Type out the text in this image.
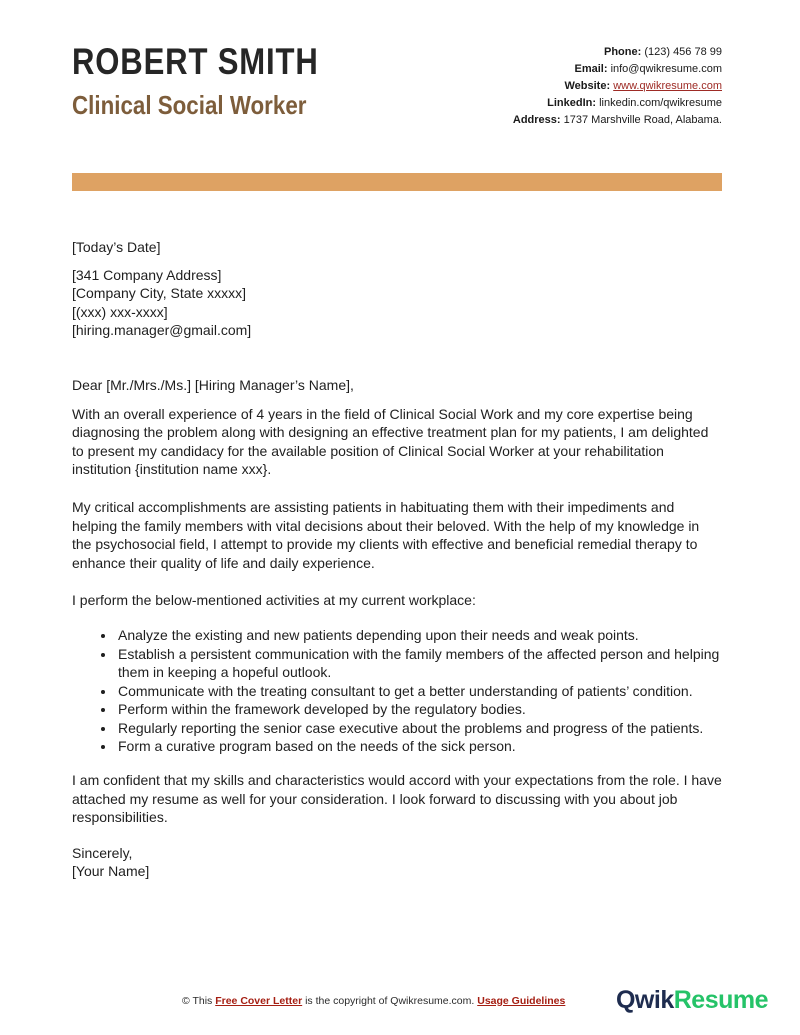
ROBERT SMITH
Clinical Social Worker
Phone: (123) 456 78 99
Email: info@qwikresume.com
Website: www.qwikresume.com
LinkedIn: linkedin.com/qwikresume
Address: 1737 Marshville Road, Alabama.
[Today’s Date]
[341 Company Address]
[Company City, State xxxxx]
[(xxx) xxx-xxxx]
[hiring.manager@gmail.com]
Dear [Mr./Mrs./Ms.] [Hiring Manager’s Name],

With an overall experience of 4 years in the field of Clinical Social Work and my core expertise being diagnosing the problem along with designing an effective treatment plan for my patients, I am delighted to present my candidacy for the available position of Clinical Social Worker at your rehabilitation institution {institution name xxx}.

My critical accomplishments are assisting patients in habituating them with their impediments and helping the family members with vital decisions about their beloved. With the help of my knowledge in the psychosocial field, I attempt to provide my clients with effective and beneficial remedial therapy to enhance their quality of life and daily experience.

I perform the below-mentioned activities at my current workplace:

• Analyze the existing and new patients depending upon their needs and weak points.
• Establish a persistent communication with the family members of the affected person and helping them in keeping a hopeful outlook.
• Communicate with the treating consultant to get a better understanding of patients’ condition.
• Perform within the framework developed by the regulatory bodies.
• Regularly reporting the senior case executive about the problems and progress of the patients.
• Form a curative program based on the needs of the sick person.

I am confident that my skills and characteristics would accord with your expectations from the role. I have attached my resume as well for your consideration. I look forward to discussing with you about job responsibilities.

Sincerely,
[Your Name]
© This Free Cover Letter is the copyright of Qwikresume.com. Usage Guidelines QwikResume
